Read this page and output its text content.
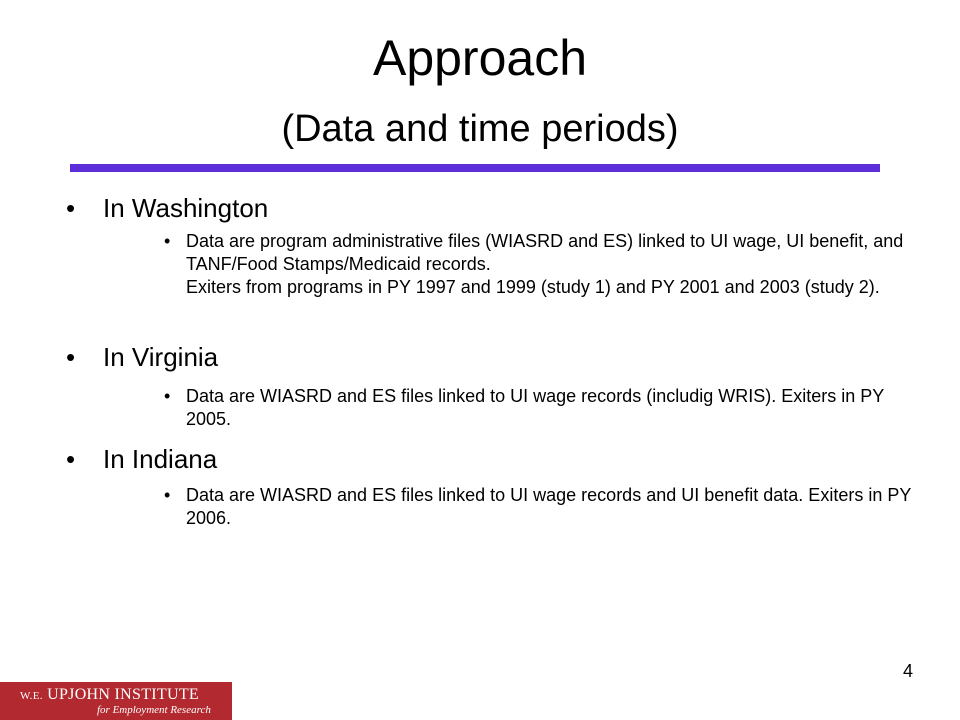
Approach
(Data and time periods)
• In Washington
• Data are program administrative files (WIASRD and ES) linked to UI wage, UI benefit, and TANF/Food Stamps/Medicaid records.
Exiters from programs in PY 1997 and 1999 (study 1) and PY 2001 and 2003 (study 2).
• In Virginia
• Data are WIASRD and ES files linked to UI wage records (includig WRIS). Exiters in PY 2005.
• In Indiana
• Data are WIASRD and ES files linked to UI wage records and UI benefit data. Exiters in PY 2006.
4
W.E. UPJOHN INSTITUTE
for Employment Research
